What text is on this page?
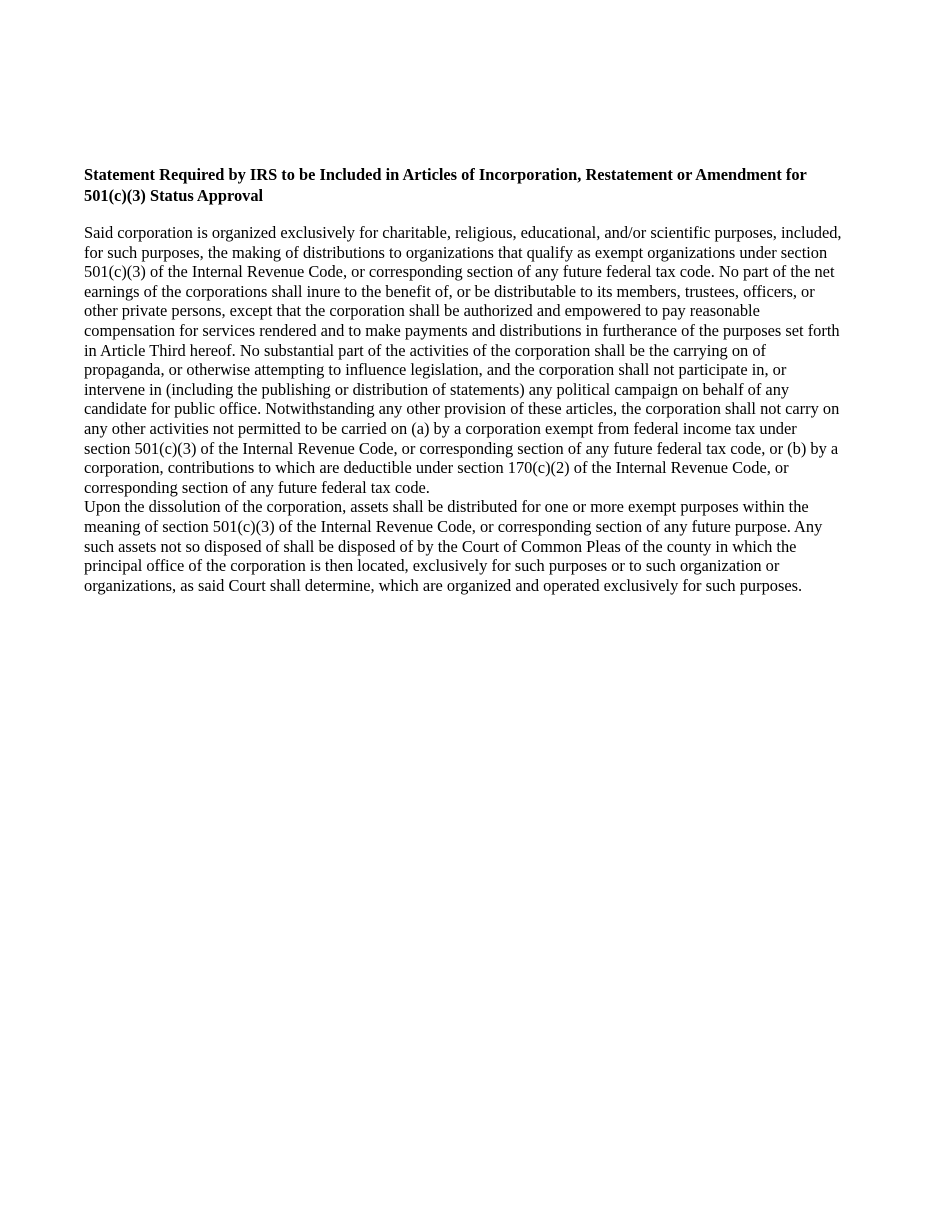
Statement Required by IRS to be Included in Articles of Incorporation, Restatement or Amendment for 501(c)(3) Status Approval
Said corporation is organized exclusively for charitable, religious, educational, and/or scientific purposes, included, for such purposes, the making of distributions to organizations that qualify as exempt organizations under section 501(c)(3) of the Internal Revenue Code, or corresponding section of any future federal tax code. No part of the net earnings of the corporations shall inure to the benefit of, or be distributable to its members, trustees, officers, or other private persons, except that the corporation shall be authorized and empowered to pay reasonable compensation for services rendered and to make payments and distributions in furtherance of the purposes set forth in Article Third hereof. No substantial part of the activities of the corporation shall be the carrying on of propaganda, or otherwise attempting to influence legislation, and the corporation shall not participate in, or intervene in (including the publishing or distribution of statements) any political campaign on behalf of any candidate for public office. Notwithstanding any other provision of these articles, the corporation shall not carry on any other activities not permitted to be carried on (a) by a corporation exempt from federal income tax under section 501(c)(3) of the Internal Revenue Code, or corresponding section of any future federal tax code, or (b) by a corporation, contributions to which are deductible under section 170(c)(2) of the Internal Revenue Code, or corresponding section of any future federal tax code.
Upon the dissolution of the corporation, assets shall be distributed for one or more exempt purposes within the meaning of section 501(c)(3) of the Internal Revenue Code, or corresponding section of any future purpose. Any such assets not so disposed of shall be disposed of by the Court of Common Pleas of the county in which the principal office of the corporation is then located, exclusively for such purposes or to such organization or organizations, as said Court shall determine, which are organized and operated exclusively for such purposes.
